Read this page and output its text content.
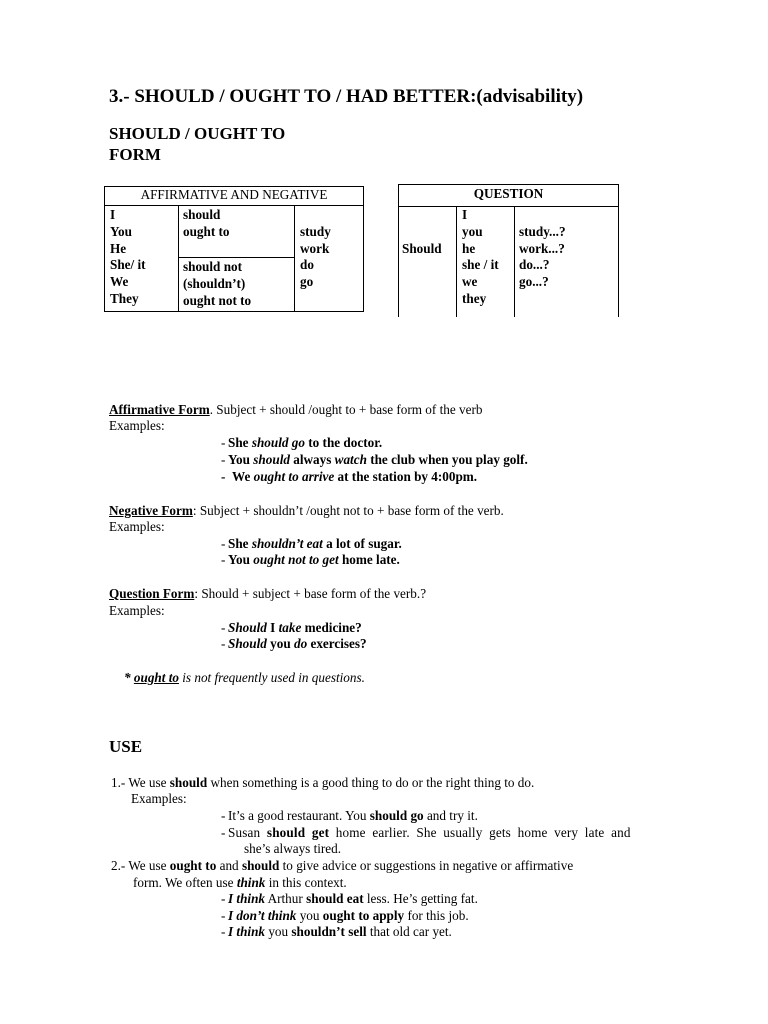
3.- SHOULD / OUGHT TO / HAD BETTER:(advisability)
SHOULD / OUGHT TO
FORM
AFFIRMATIVE AND NEGATIVE
I
You
He
She/ it
We
They
should
ought to
should not
(shouldn’t)
ought not to
study
work
do
go
QUESTION
Should
I
you
he
she / it
we
they
study...?
work...?
do...?
go...?
Affirmative Form. Subject + should /ought to + base form of the verb
Examples:
- She should go to the doctor.
- You should always watch the club when you play golf.
- We ought to arrive at the station by 4:00pm.
Negative Form: Subject + shouldn’t /ought not to + base form of the verb.
Examples:
- She shouldn’t eat a lot of sugar.
- You ought not to get home late.
Question Form: Should + subject + base form of the verb.?
Examples:
- Should I take medicine?
- Should you do exercises?
* ought to is not frequently used in questions.
USE
1.- We use should when something is a good thing to do or the right thing to do.
Examples:
- It’s a good restaurant. You should go and try it.
- Susan should get home earlier. She usually gets home very late and
she’s always tired.
2.- We use ought to and should to give advice or suggestions in negative or affirmative
form. We often use think in this context.
- I think Arthur should eat less. He’s getting fat.
- I don’t think you ought to apply for this job.
- I think you shouldn’t sell that old car yet.
